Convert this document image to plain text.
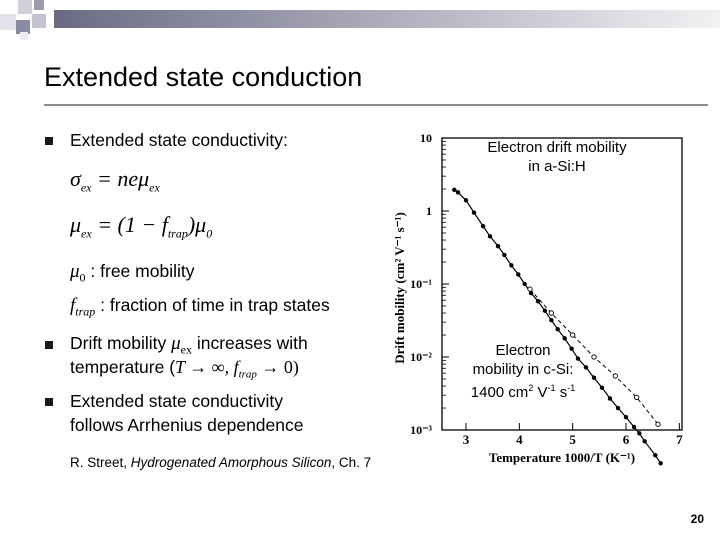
Extended state conduction
Extended state conductivity:
$\sigma_{ex} = ne\mu_{ex}$
$\mu_{ex} = (1 - f_{trap})\mu_0$
$\mu_0$ : free mobility
$f_{trap}$ : fraction of time in trap states
Drift mobility $\mu_{ex}$ increases with
temperature (T → ∞, $f_{trap} \to 0$)
Extended state conductivity
follows Arrhenius dependence
R. Street, Hydrogenated Amorphous Silicon, Ch. 7
10
1
10⁻¹
10⁻²
10⁻³
3	4	5	6	7
Drift mobility (cm² V⁻¹ s⁻¹)
Temperature 1000/T (K⁻¹)
Electron drift mobility in a-Si:H
Electron
mobility in c-Si:
1400 $cm^2$ $V^{-1}$ $s^{-1}$
20
